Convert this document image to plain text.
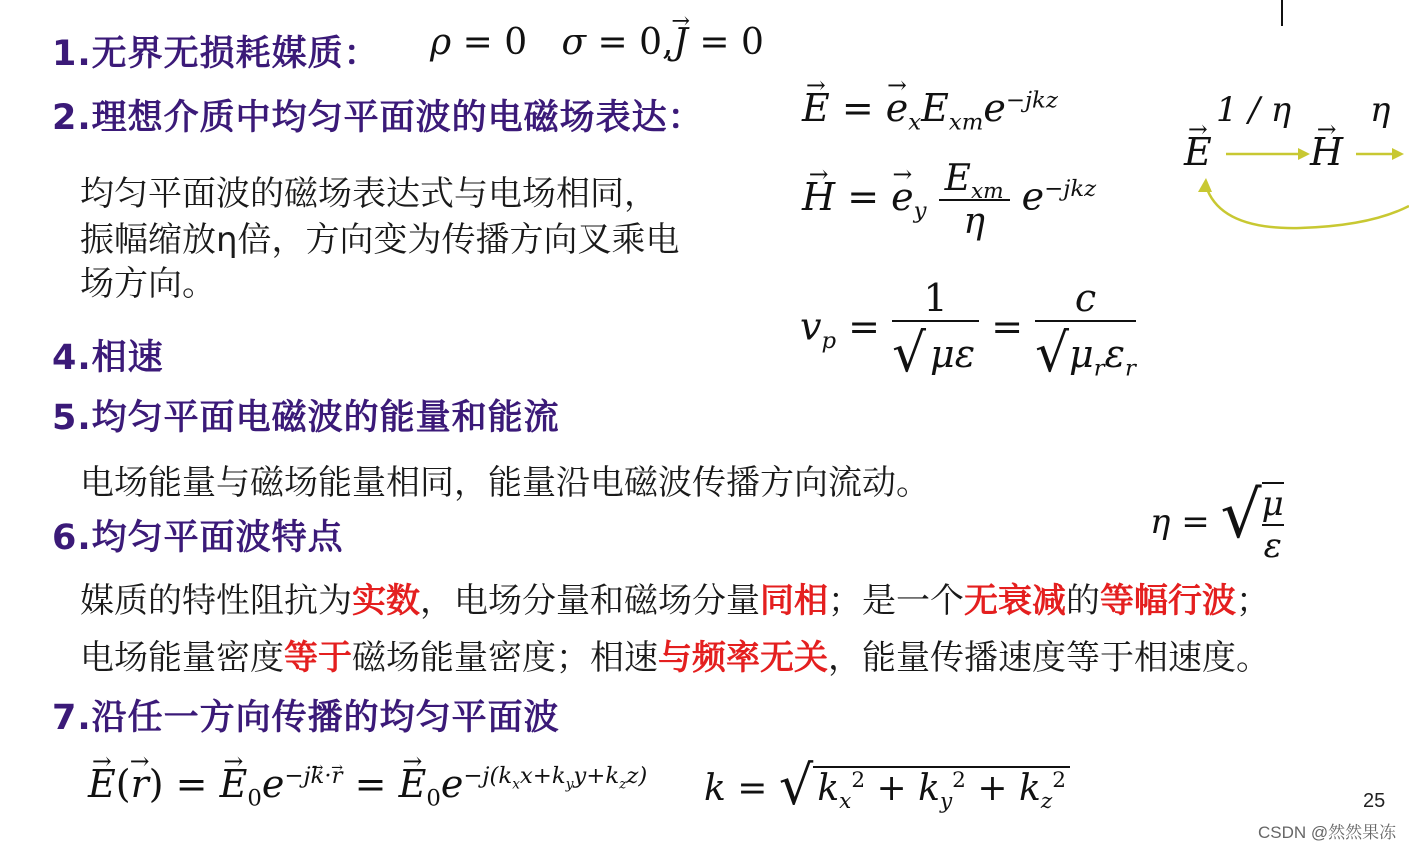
1.无界无损耗媒质：
2.理想介质中均匀平面波的电磁场表达：
4.相速
5.均匀平面电磁波的能量和能流
6.均匀平面波特点
7.沿任一方向传播的均匀平面波
ρ = 0   σ = 0,→ J = 0
均匀平面波的磁场表达式与电场相同，
振幅缩放η倍，方向变为传播方向叉乘电
场方向。
→ E = → $e_xE_{xm}e^{-jkz}$
→ H = → $e_y \frac{E_{xm}}{\eta} e^{-jkz}$
$v_p = \frac{1}{√ \mu\varepsilon} = \frac{c}{√\mu_r\varepsilon_r}$
→ E	→ H
1 / η η
电场能量与磁场能量相同，能量沿电磁波传播方向流动。
η = √ $\frac{\mu}{\varepsilon}$
媒质的特性阻抗为实数，电场分量和磁场分量同相；是一个无衰减的等幅行波；
电场能量密度等于磁场能量密度；相速与频率无关，能量传播速度等于相速度。
→ E(→ r) = → $E_0e^{-jk\cdot r}$ = → $E_0e^{-j(k_xx+k_yy+k_zz)}$ k = √ $k_x^2 + k_y^2 + k_z^2$
25
CSDN @然然果冻
